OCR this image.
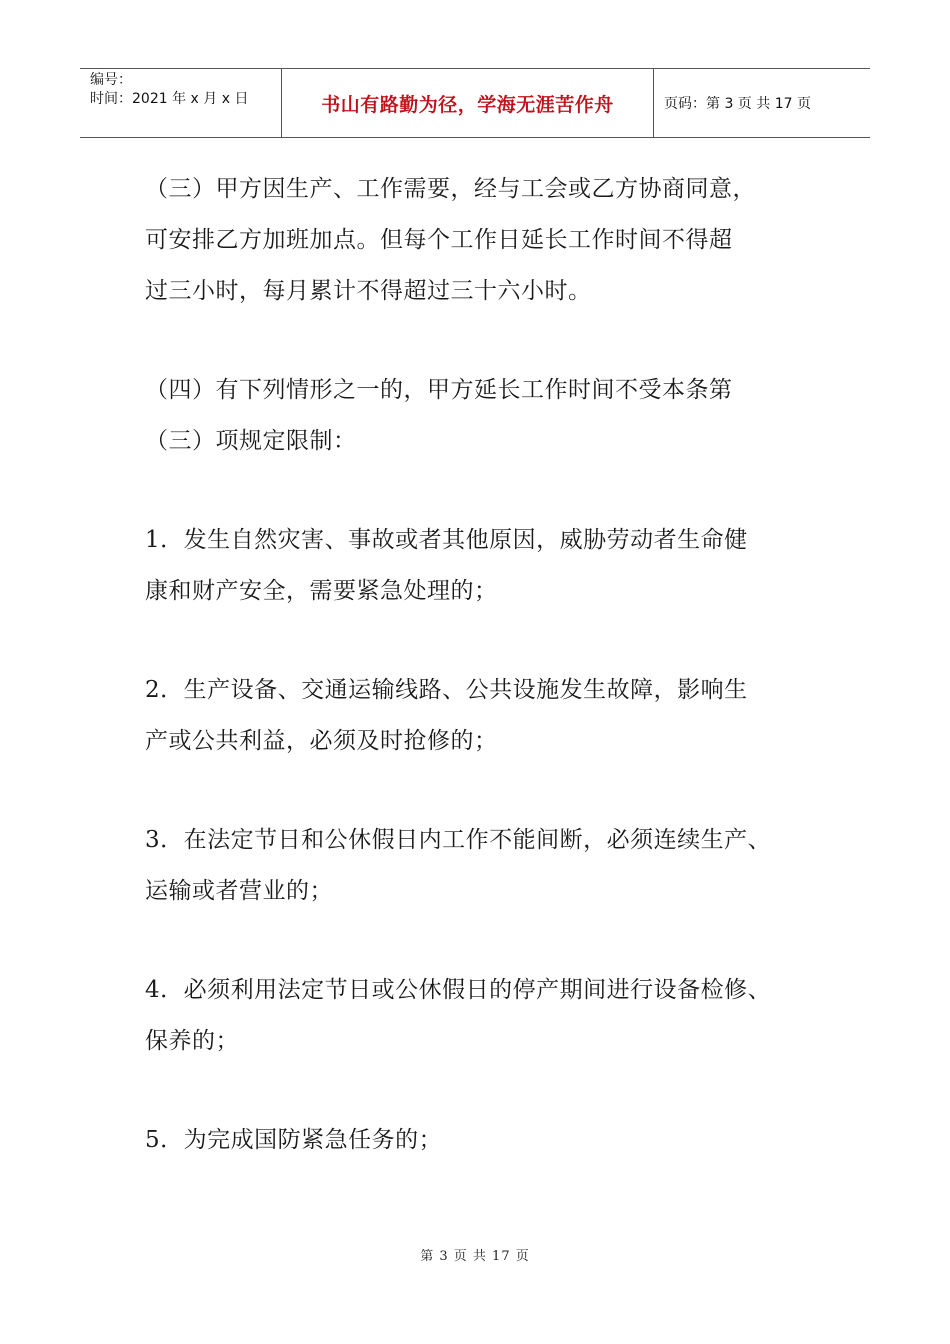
编号：
时间：2021 年 x 月 x 日	书山有路勤为径，学海无涯苦作舟	页码：第 3 页 共 17 页
（三）甲方因生产、工作需要，经与工会或乙方协商同意，
可安排乙方加班加点。但每个工作日延长工作时间不得超
过三小时，每月累计不得超过三十六小时。
（四）有下列情形之一的，甲方延长工作时间不受本条第
（三）项规定限制：
1．发生自然灾害、事故或者其他原因，威胁劳动者生命健
康和财产安全，需要紧急处理的；
2．生产设备、交通运输线路、公共设施发生故障，影响生
产或公共利益，必须及时抢修的；
3．在法定节日和公休假日内工作不能间断，必须连续生产、
运输或者营业的；
4．必须利用法定节日或公休假日的停产期间进行设备检修、
保养的；
5．为完成国防紧急任务的；
第 3 页 共 17 页
